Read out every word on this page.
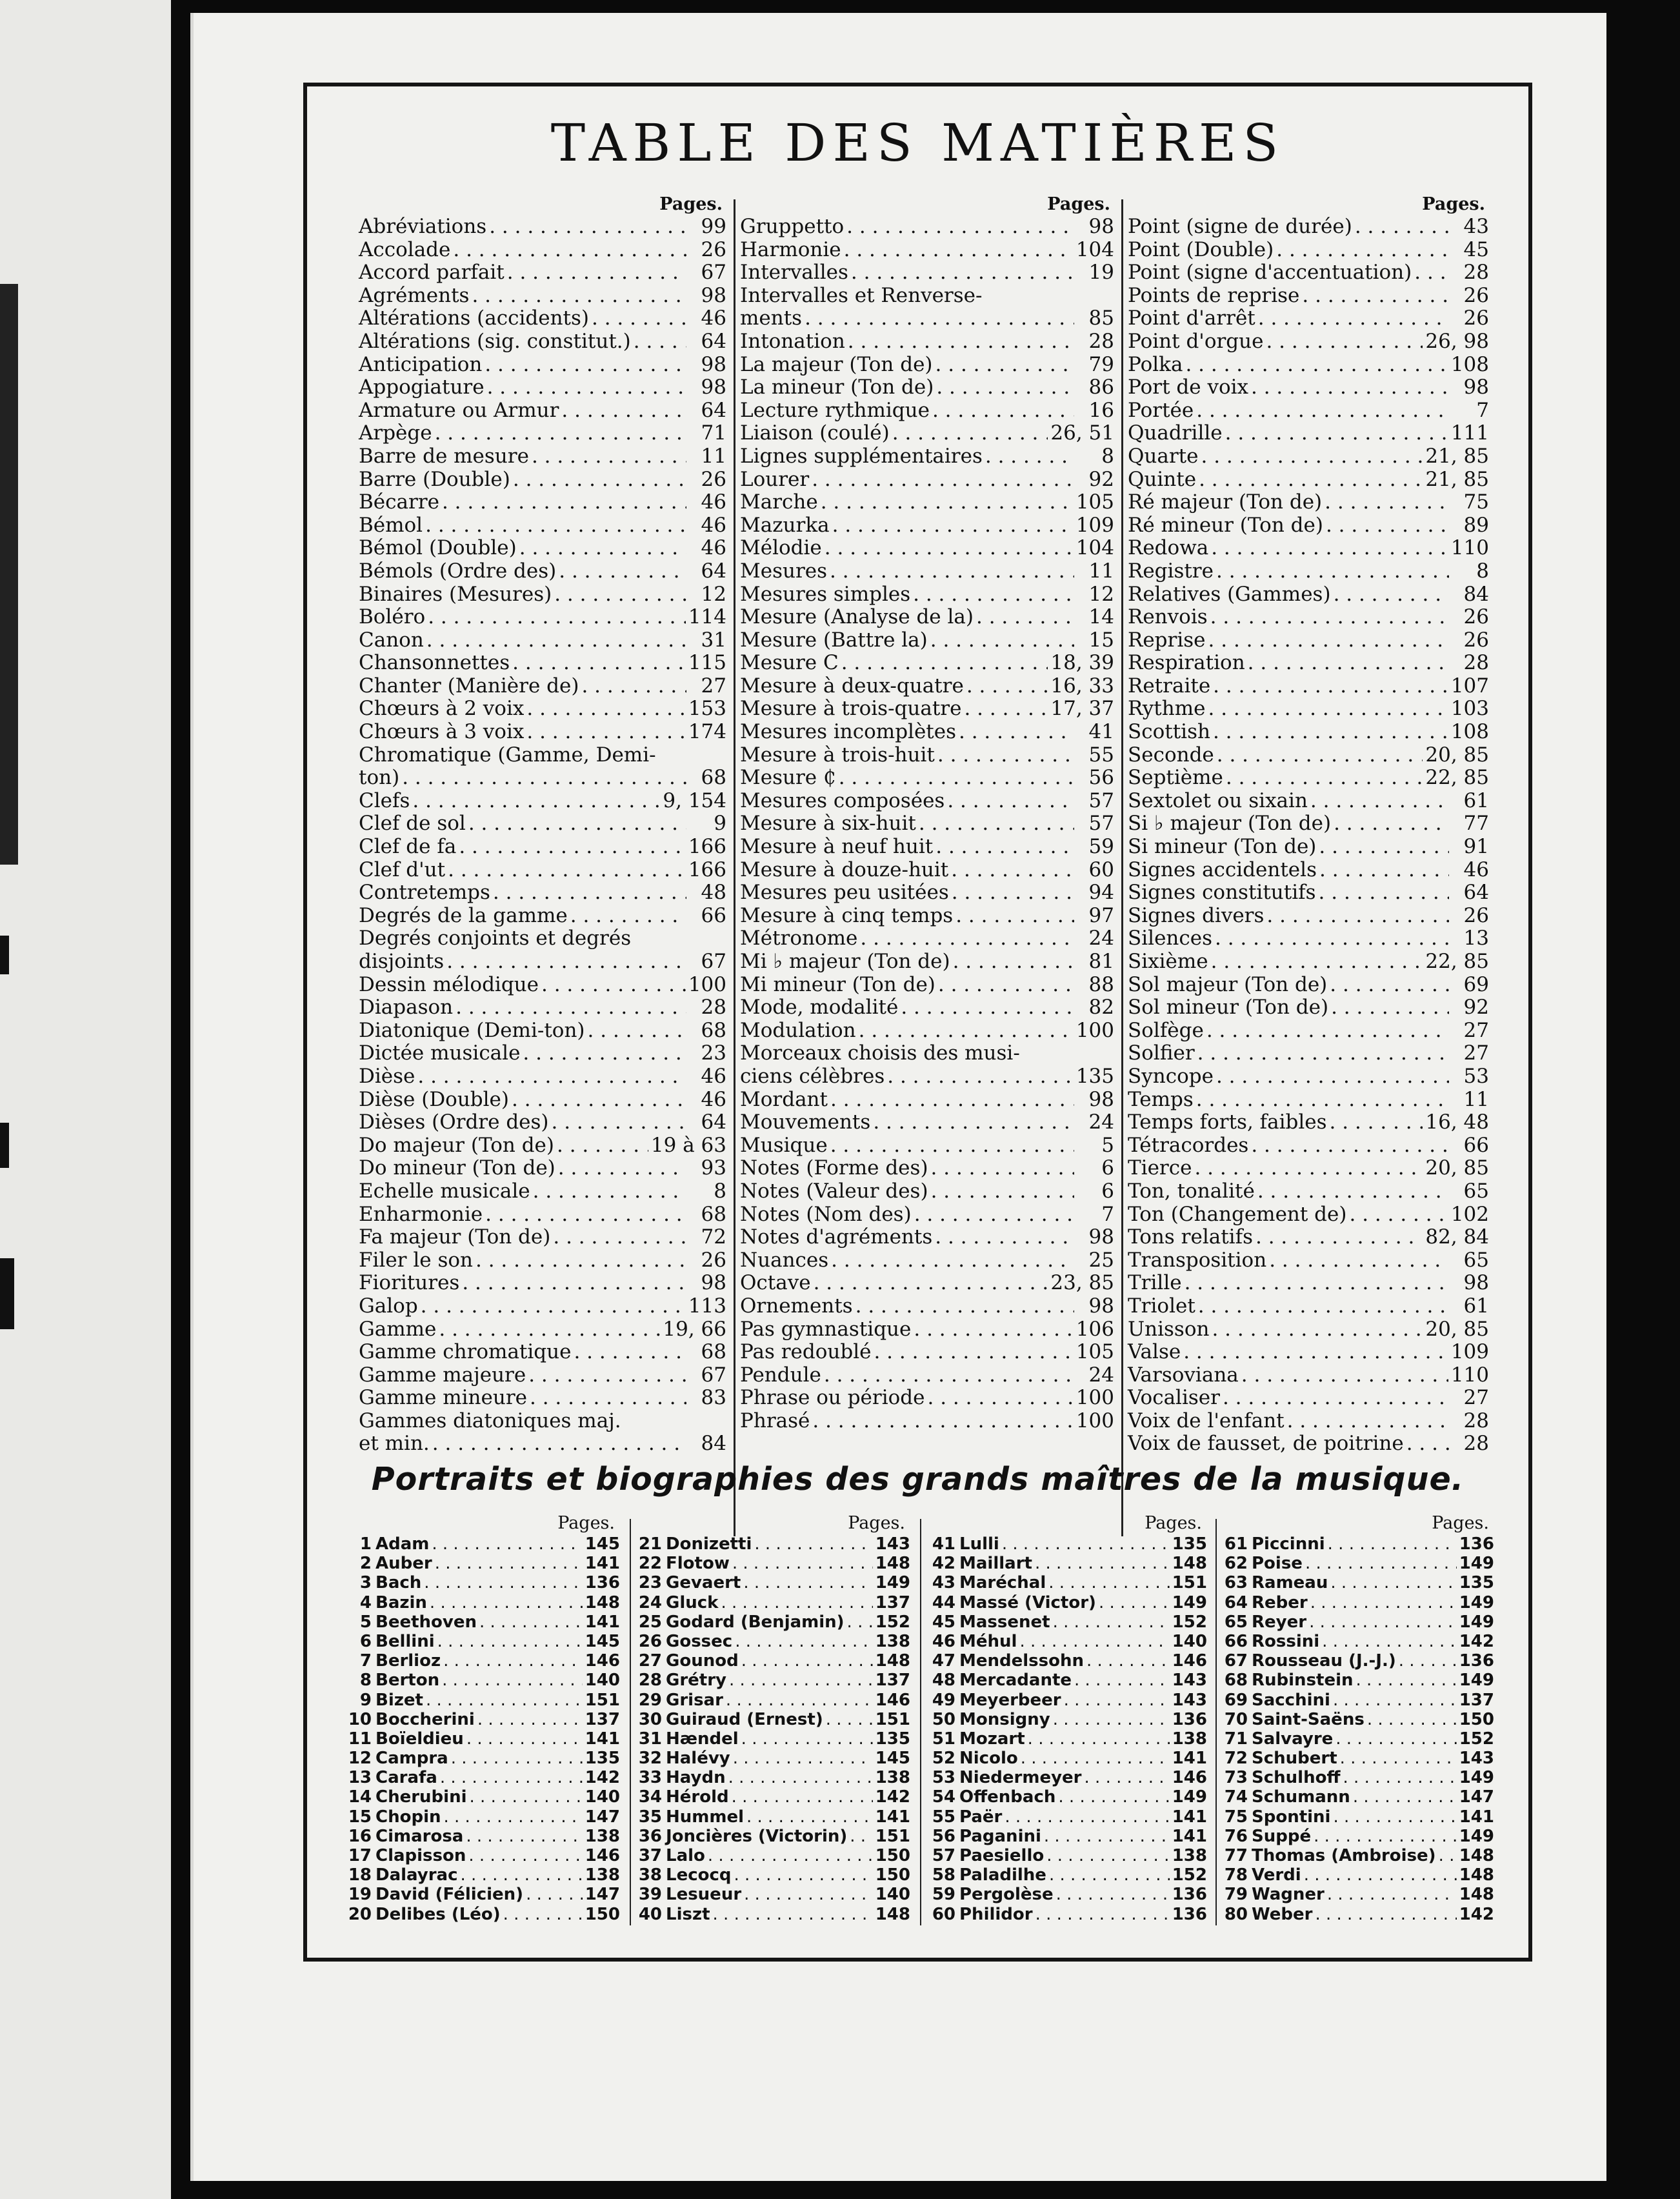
TABLE DES MATIÈRES
Pages.
Abréviations . . .	99
Accolade . . .	26
Accord parfait . . .	67
Agréments . . .	98
Altérations (accidents) . . .	46
Altérations (sig. constitut.) . . .	64
Anticipation . . .	98
Appogiature . . .	98
Armature ou Armur . . .	64
Arpège . . .	71
Barre de mesure . . .	11
Barre (Double) . . .	26
Bécarre . . .	46
Bémol . . .	46
Bémol (Double) . . .	46
Bémols (Ordre des) . . .	64
Binaires (Mesures) . . .	12
Boléro . . .	114
Canon . . .	31
Chansonnettes . . .	115
Chanter (Manière de) . . .	27
Chœurs à 2 voix . . .	153
Chœurs à 3 voix . . .	174
Chromatique (Gamme, Demi-
ton) . . .	68
Clefs . . .	9, 154
Clef de sol . . .	9
Clef de fa . . .	166
Clef d'ut . . .	166
Contretemps . . .	48
Degrés de la gamme . . .	66
Degrés conjoints et degrés
disjoints . . .	67
Dessin mélodique . . .	100
Diapason . . .	28
Diatonique (Demi-ton) . . .	68
Dictée musicale . . .	23
Dièse . . .	46
Dièse (Double) . . .	46
Dièses (Ordre des) . . .	64
Do majeur (Ton de) . . .	19 à 63
Do mineur (Ton de) . . .	93
Echelle musicale . . .	8
Enharmonie . . .	68
Fa majeur (Ton de) . . .	72
Filer le son . . .	26
Fioritures . . .	98
Galop . . .	113
Gamme . . .	19, 66
Gamme chromatique . . .	68
Gamme majeure . . .	67
Gamme mineure . . .	83
Gammes diatoniques maj.
et min. . . .	84
Pages.
Gruppetto . . .	98
Harmonie . . .	104
Intervalles . . .	19
Intervalles et Renverse-
ments . . .	85
Intonation . . .	28
La majeur (Ton de) . . .	79
La mineur (Ton de) . . .	86
Lecture rythmique . . .	16
Liaison (coulé) . . .	26, 51
Lignes supplémentaires . . .	8
Lourer . . .	92
Marche . . .	105
Mazurka . . .	109
Mélodie . . .	104
Mesures . . .	11
Mesures simples . . .	12
Mesure (Analyse de la) . . .	14
Mesure (Battre la) . . .	15
Mesure C . . .	18, 39
Mesure à deux-quatre . . .	16, 33
Mesure à trois-quatre . . .	17, 37
Mesures incomplètes . . .	41
Mesure à trois-huit . . .	55
Mesure ₵ . . .	56
Mesures composées . . .	57
Mesure à six-huit . . .	57
Mesure à neuf huit . . .	59
Mesure à douze-huit . . .	60
Mesures peu usitées . . .	94
Mesure à cinq temps . . .	97
Métronome . . .	24
Mi ♭ majeur (Ton de) . . .	81
Mi mineur (Ton de) . . .	88
Mode, modalité . . .	82
Modulation . . .	100
Morceaux choisis des musi-
ciens célèbres . . .	135
Mordant . . .	98
Mouvements . . .	24
Musique . . .	5
Notes (Forme des) . . .	6
Notes (Valeur des) . . .	6
Notes (Nom des) . . .	7
Notes d'agréments . . .	98
Nuances . . .	25
Octave . . .	23, 85
Ornements . . .	98
Pas gymnastique . . .	106
Pas redoublé . . .	105
Pendule . . .	24
Phrase ou période . . .	100
Phrasé . . .	100
Pages.
Point (signe de durée) . . .	43
Point (Double) . . .	45
Point (signe d'accentuation) . . .	28
Points de reprise . . .	26
Point d'arrêt . . .	26
Point d'orgue . . .	26, 98
Polka . . .	108
Port de voix . . .	98
Portée . . .	7
Quadrille . . .	111
Quarte . . .	21, 85
Quinte . . .	21, 85
Ré majeur (Ton de) . . .	75
Ré mineur (Ton de) . . .	89
Redowa . . .	110
Registre . . .	8
Relatives (Gammes) . . .	84
Renvois . . .	26
Reprise . . .	26
Respiration . . .	28
Retraite . . .	107
Rythme . . .	103
Scottish . . .	108
Seconde . . .	20, 85
Septième . . .	22, 85
Sextolet ou sixain . . .	61
Si ♭ majeur (Ton de) . . .	77
Si mineur (Ton de) . . .	91
Signes accidentels . . .	46
Signes constitutifs . . .	64
Signes divers . . .	26
Silences . . .	13
Sixième . . .	22, 85
Sol majeur (Ton de) . . .	69
Sol mineur (Ton de) . . .	92
Solfège . . .	27
Solfier . . .	27
Syncope . . .	53
Temps . . .	11
Temps forts, faibles . . .	16, 48
Tétracordes . . .	66
Tierce . . .	20, 85
Ton, tonalité . . .	65
Ton (Changement de) . . .	102
Tons relatifs . . .	82, 84
Transposition . . .	65
Trille . . .	98
Triolet . . .	61
Unisson . . .	20, 85
Valse . . .	109
Varsoviana . . .	110
Vocaliser . . .	27
Voix de l'enfant . . .	28
Voix de fausset, de poitrine . . .	28
Portraits et biographies des grands maîtres de la musique.
Pages.
1 Adam . . .	145
2 Auber . . .	141
3 Bach . . .	136
4 Bazin . . .	148
5 Beethoven . . .	141
6 Bellini . . .	145
7 Berlioz . . .	146
8 Berton . . .	140
9 Bizet . . .	151
10 Boccherini . . .	137
11 Boïeldieu . . .	141
12 Campra . . .	135
13 Carafa . . .	142
14 Cherubini . . .	140
15 Chopin . . .	147
16 Cimarosa . . .	138
17 Clapisson . . .	146
18 Dalayrac . . .	138
19 David (Félicien) . . .	147
20 Delibes (Léo) . . .	150
Pages.
21 Donizetti . . .	143
22 Flotow . . .	148
23 Gevaert . . .	149
24 Gluck . . .	137
25 Godard (Benjamin) . . . 152
26 Gossec . . .	138
27 Gounod . . .	148
28 Grétry . . .	137
29 Grisar . . .	146
30 Guiraud (Ernest) . . .	151
31 Hændel . . .	135
32 Halévy . . .	145
33 Haydn . . .	138
34 Hérold . . .	142
35 Hummel . . .	141
36 Joncières (Victorin) . . . 151
37 Lalo . . .	150
38 Lecocq . . .	150
39 Lesueur . . .	140
40 Liszt . . .	148
Pages.
41 Lulli . . .	135
42 Maillart . . .	148
43 Maréchal . . .	151
44 Massé (Victor) . . .	149
45 Massenet . . .	152
46 Méhul . . .	140
47 Mendelssohn . . .	146
48 Mercadante . . .	143
49 Meyerbeer . . .	143
50 Monsigny . . .	136
51 Mozart . . .	138
52 Nicolo . . .	141
53 Niedermeyer . . .	146
54 Offenbach . . .	149
55 Paër . . .	141
56 Paganini . . .	141
57 Paesiello . . .	138
58 Paladilhe . . .	152
59 Pergolèse . . .	136
60 Philidor . . .	136
Pages.
61 Piccinni . . .	136
62 Poise . . .	149
63 Rameau . . .	135
64 Reber . . .	149
65 Reyer . . .	149
66 Rossini . . .	142
67 Rousseau (J.-J.) . . .	136
68 Rubinstein . . .	149
69 Sacchini . . .	137
70 Saint-Saëns . . .	150
71 Salvayre . . .	152
72 Schubert . . .	143
73 Schulhoff . . .	149
74 Schumann . . .	147
75 Spontini . . .	141
76 Suppé . . .	149
77 Thomas (Ambroise) . . . 148
78 Verdi . . .	148
79 Wagner . . .	148
80 Weber . . .	142
